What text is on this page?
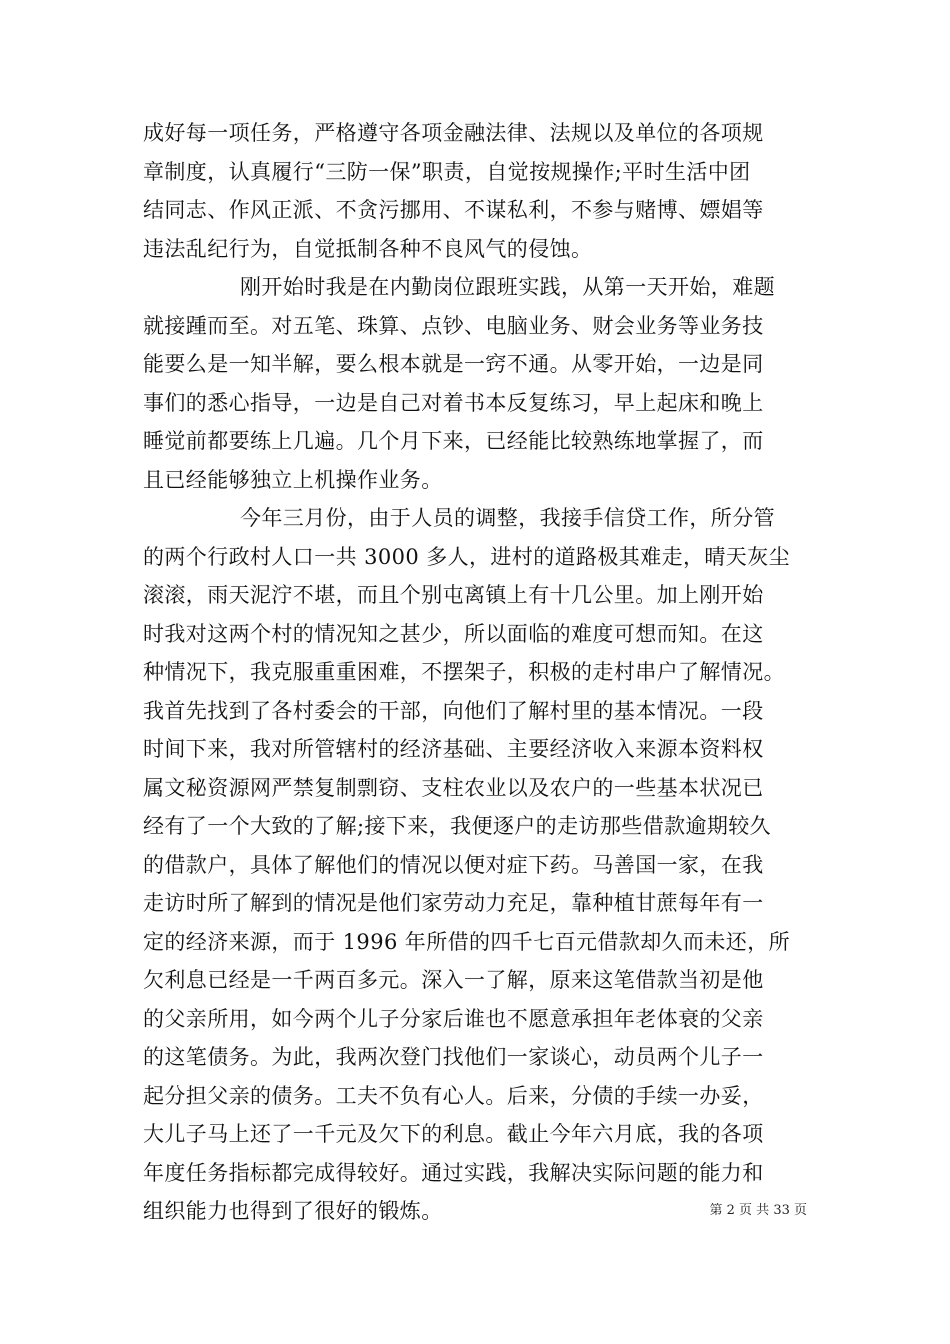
成好每一项任务，严格遵守各项金融法律、法规以及单位的各项规
章制度，认真履行“三防一保”职责，自觉按规操作;平时生活中团
结同志、作风正派、不贪污挪用、不谋私利，不参与赌博、嫖娼等
违法乱纪行为，自觉抵制各种不良风气的侵蚀。
刚开始时我是在内勤岗位跟班实践，从第一天开始，难题
就接踵而至。对五笔、珠算、点钞、电脑业务、财会业务等业务技
能要么是一知半解，要么根本就是一窍不通。从零开始，一边是同
事们的悉心指导，一边是自己对着书本反复练习，早上起床和晚上
睡觉前都要练上几遍。几个月下来，已经能比较熟练地掌握了，而
且已经能够独立上机操作业务。
今年三月份，由于人员的调整，我接手信贷工作，所分管
的两个行政村人口一共 3000 多人，进村的道路极其难走，晴天灰尘
滚滚，雨天泥泞不堪，而且个别屯离镇上有十几公里。加上刚开始
时我对这两个村的情况知之甚少，所以面临的难度可想而知。在这
种情况下，我克服重重困难，不摆架子，积极的走村串户了解情况。
我首先找到了各村委会的干部，向他们了解村里的基本情况。一段
时间下来，我对所管辖村的经济基础、主要经济收入来源本资料权
属文秘资源网严禁复制剽窃、支柱农业以及农户的一些基本状况已
经有了一个大致的了解;接下来，我便逐户的走访那些借款逾期较久
的借款户，具体了解他们的情况以便对症下药。马善国一家，在我
走访时所了解到的情况是他们家劳动力充足，靠种植甘蔗每年有一
定的经济来源，而于 1996 年所借的四千七百元借款却久而未还，所
欠利息已经是一千两百多元。深入一了解，原来这笔借款当初是他
的父亲所用，如今两个儿子分家后谁也不愿意承担年老体衰的父亲
的这笔债务。为此，我两次登门找他们一家谈心，动员两个儿子一
起分担父亲的债务。工夫不负有心人。后来，分债的手续一办妥，
大儿子马上还了一千元及欠下的利息。截止今年六月底，我的各项
年度任务指标都完成得较好。通过实践，我解决实际问题的能力和
组织能力也得到了很好的锻炼。	第 2 页 共 33 页
